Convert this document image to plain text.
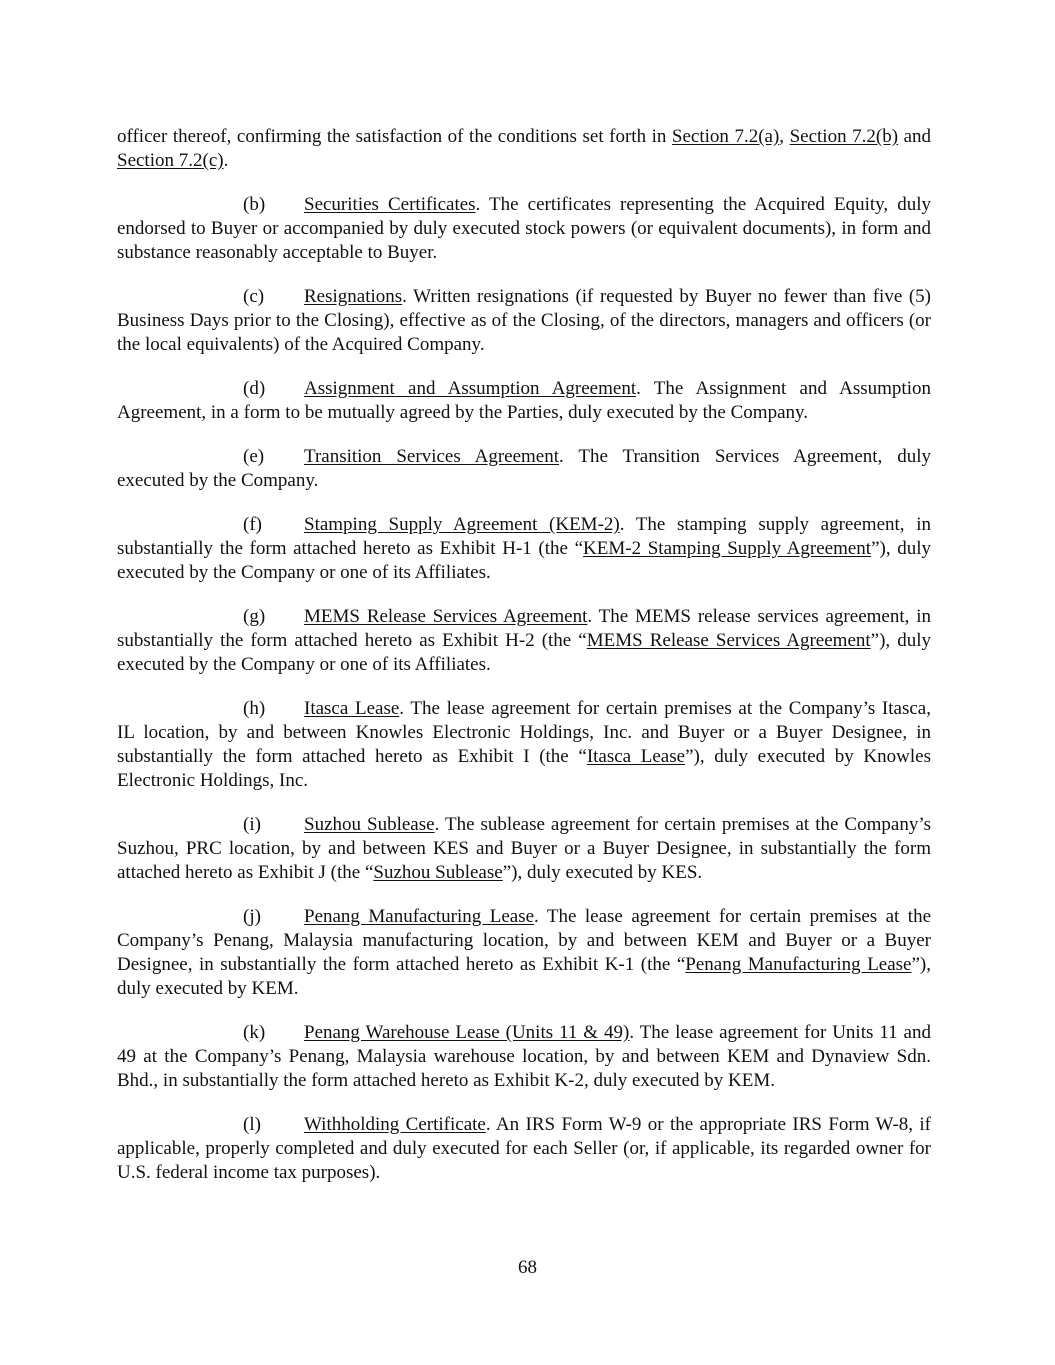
officer thereof, confirming the satisfaction of the conditions set forth in Section 7.2(a), Section 7.2(b) and Section 7.2(c).

(b) Securities Certificates. The certificates representing the Acquired Equity, duly endorsed to Buyer or accompanied by duly executed stock powers (or equivalent documents), in form and substance reasonably acceptable to Buyer.

(c) Resignations. Written resignations (if requested by Buyer no fewer than five (5) Business Days prior to the Closing), effective as of the Closing, of the directors, managers and officers (or the local equivalents) of the Acquired Company.

(d) Assignment and Assumption Agreement. The Assignment and Assumption Agreement, in a form to be mutually agreed by the Parties, duly executed by the Company.

(e) Transition Services Agreement. The Transition Services Agreement, duly executed by the Company.

(f) Stamping Supply Agreement (KEM-2). The stamping supply agreement, in substantially the form attached hereto as Exhibit H-1 (the “KEM-2 Stamping Supply Agreement”), duly executed by the Company or one of its Affiliates.

(g) MEMS Release Services Agreement. The MEMS release services agreement, in substantially the form attached hereto as Exhibit H-2 (the “MEMS Release Services Agreement”), duly executed by the Company or one of its Affiliates.

(h) Itasca Lease. The lease agreement for certain premises at the Company’s Itasca, IL location, by and between Knowles Electronic Holdings, Inc. and Buyer or a Buyer Designee, in substantially the form attached hereto as Exhibit I (the “Itasca Lease”), duly executed by Knowles Electronic Holdings, Inc.

(i) Suzhou Sublease. The sublease agreement for certain premises at the Company’s Suzhou, PRC location, by and between KES and Buyer or a Buyer Designee, in substantially the form attached hereto as Exhibit J (the “Suzhou Sublease”), duly executed by KES.

(j) Penang Manufacturing Lease. The lease agreement for certain premises at the Company’s Penang, Malaysia manufacturing location, by and between KEM and Buyer or a Buyer Designee, in substantially the form attached hereto as Exhibit K-1 (the “Penang Manufacturing Lease”), duly executed by KEM.

(k) Penang Warehouse Lease (Units 11 & 49). The lease agreement for Units 11 and 49 at the Company’s Penang, Malaysia warehouse location, by and between KEM and Dynaview Sdn. Bhd., in substantially the form attached hereto as Exhibit K-2, duly executed by KEM.

(l) Withholding Certificate. An IRS Form W-9 or the appropriate IRS Form W-8, if applicable, properly completed and duly executed for each Seller (or, if applicable, its regarded owner for U.S. federal income tax purposes).

68
